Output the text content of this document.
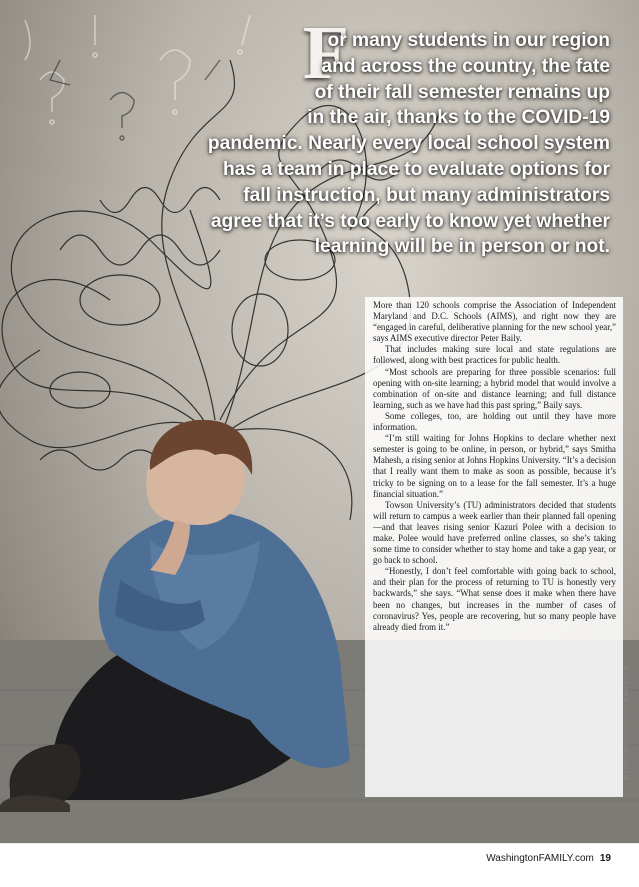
F
or many students in our region
and across the country, the fate
of their fall semester remains up
in the air, thanks to the COVID-19
pandemic. Nearly every local school system
has a team in place to evaluate options for
fall instruction, but many administrators
agree that it’s too early to know yet whether
learning will be in person or not.

More than 120 schools comprise the Association of Independent Maryland and D.C. Schools (AIMS), and right now they are “engaged in careful, deliberative planning for the new school year,” says AIMS executive director Peter Baily.

That includes making sure local and state regulations are followed, along with best practices for public health.

“Most schools are preparing for three possible scenarios: full opening with on-site learning; a hybrid model that would involve a combination of on-site and distance learning; and full distance learning, such as we have had this past spring,” Baily says.

Some colleges, too, are holding out until they have more information.

“I’m still waiting for Johns Hopkins to declare whether next semester is going to be online, in person, or hybrid,” says Smitha Mahesh, a rising senior at Johns Hopkins University. “It’s a decision that I really want them to make as soon as possible, because it’s tricky to be signing on to a lease for the fall semester. It’s a huge financial situation.”

Towson University’s (TU) administrators decided that students will return to campus a week earlier than their planned fall opening—and that leaves rising senior Kazuri Polee with a decision to make. Polee would have preferred online classes, so she’s taking some time to consider whether to stay home and take a gap year, or go back to school.

“Honestly, I don’t feel comfortable with going back to school, and their plan for the process of returning to TU is honestly very backwards,” she says. “What sense does it make when there have been no changes, but increases in the number of cases of coronavirus? Yes, people are recovering, but so many people have already died from it.”

BLUESKIES/ISTOCK / GETTY IMAGES PLUS
WashingtonFAMILY.com 19
